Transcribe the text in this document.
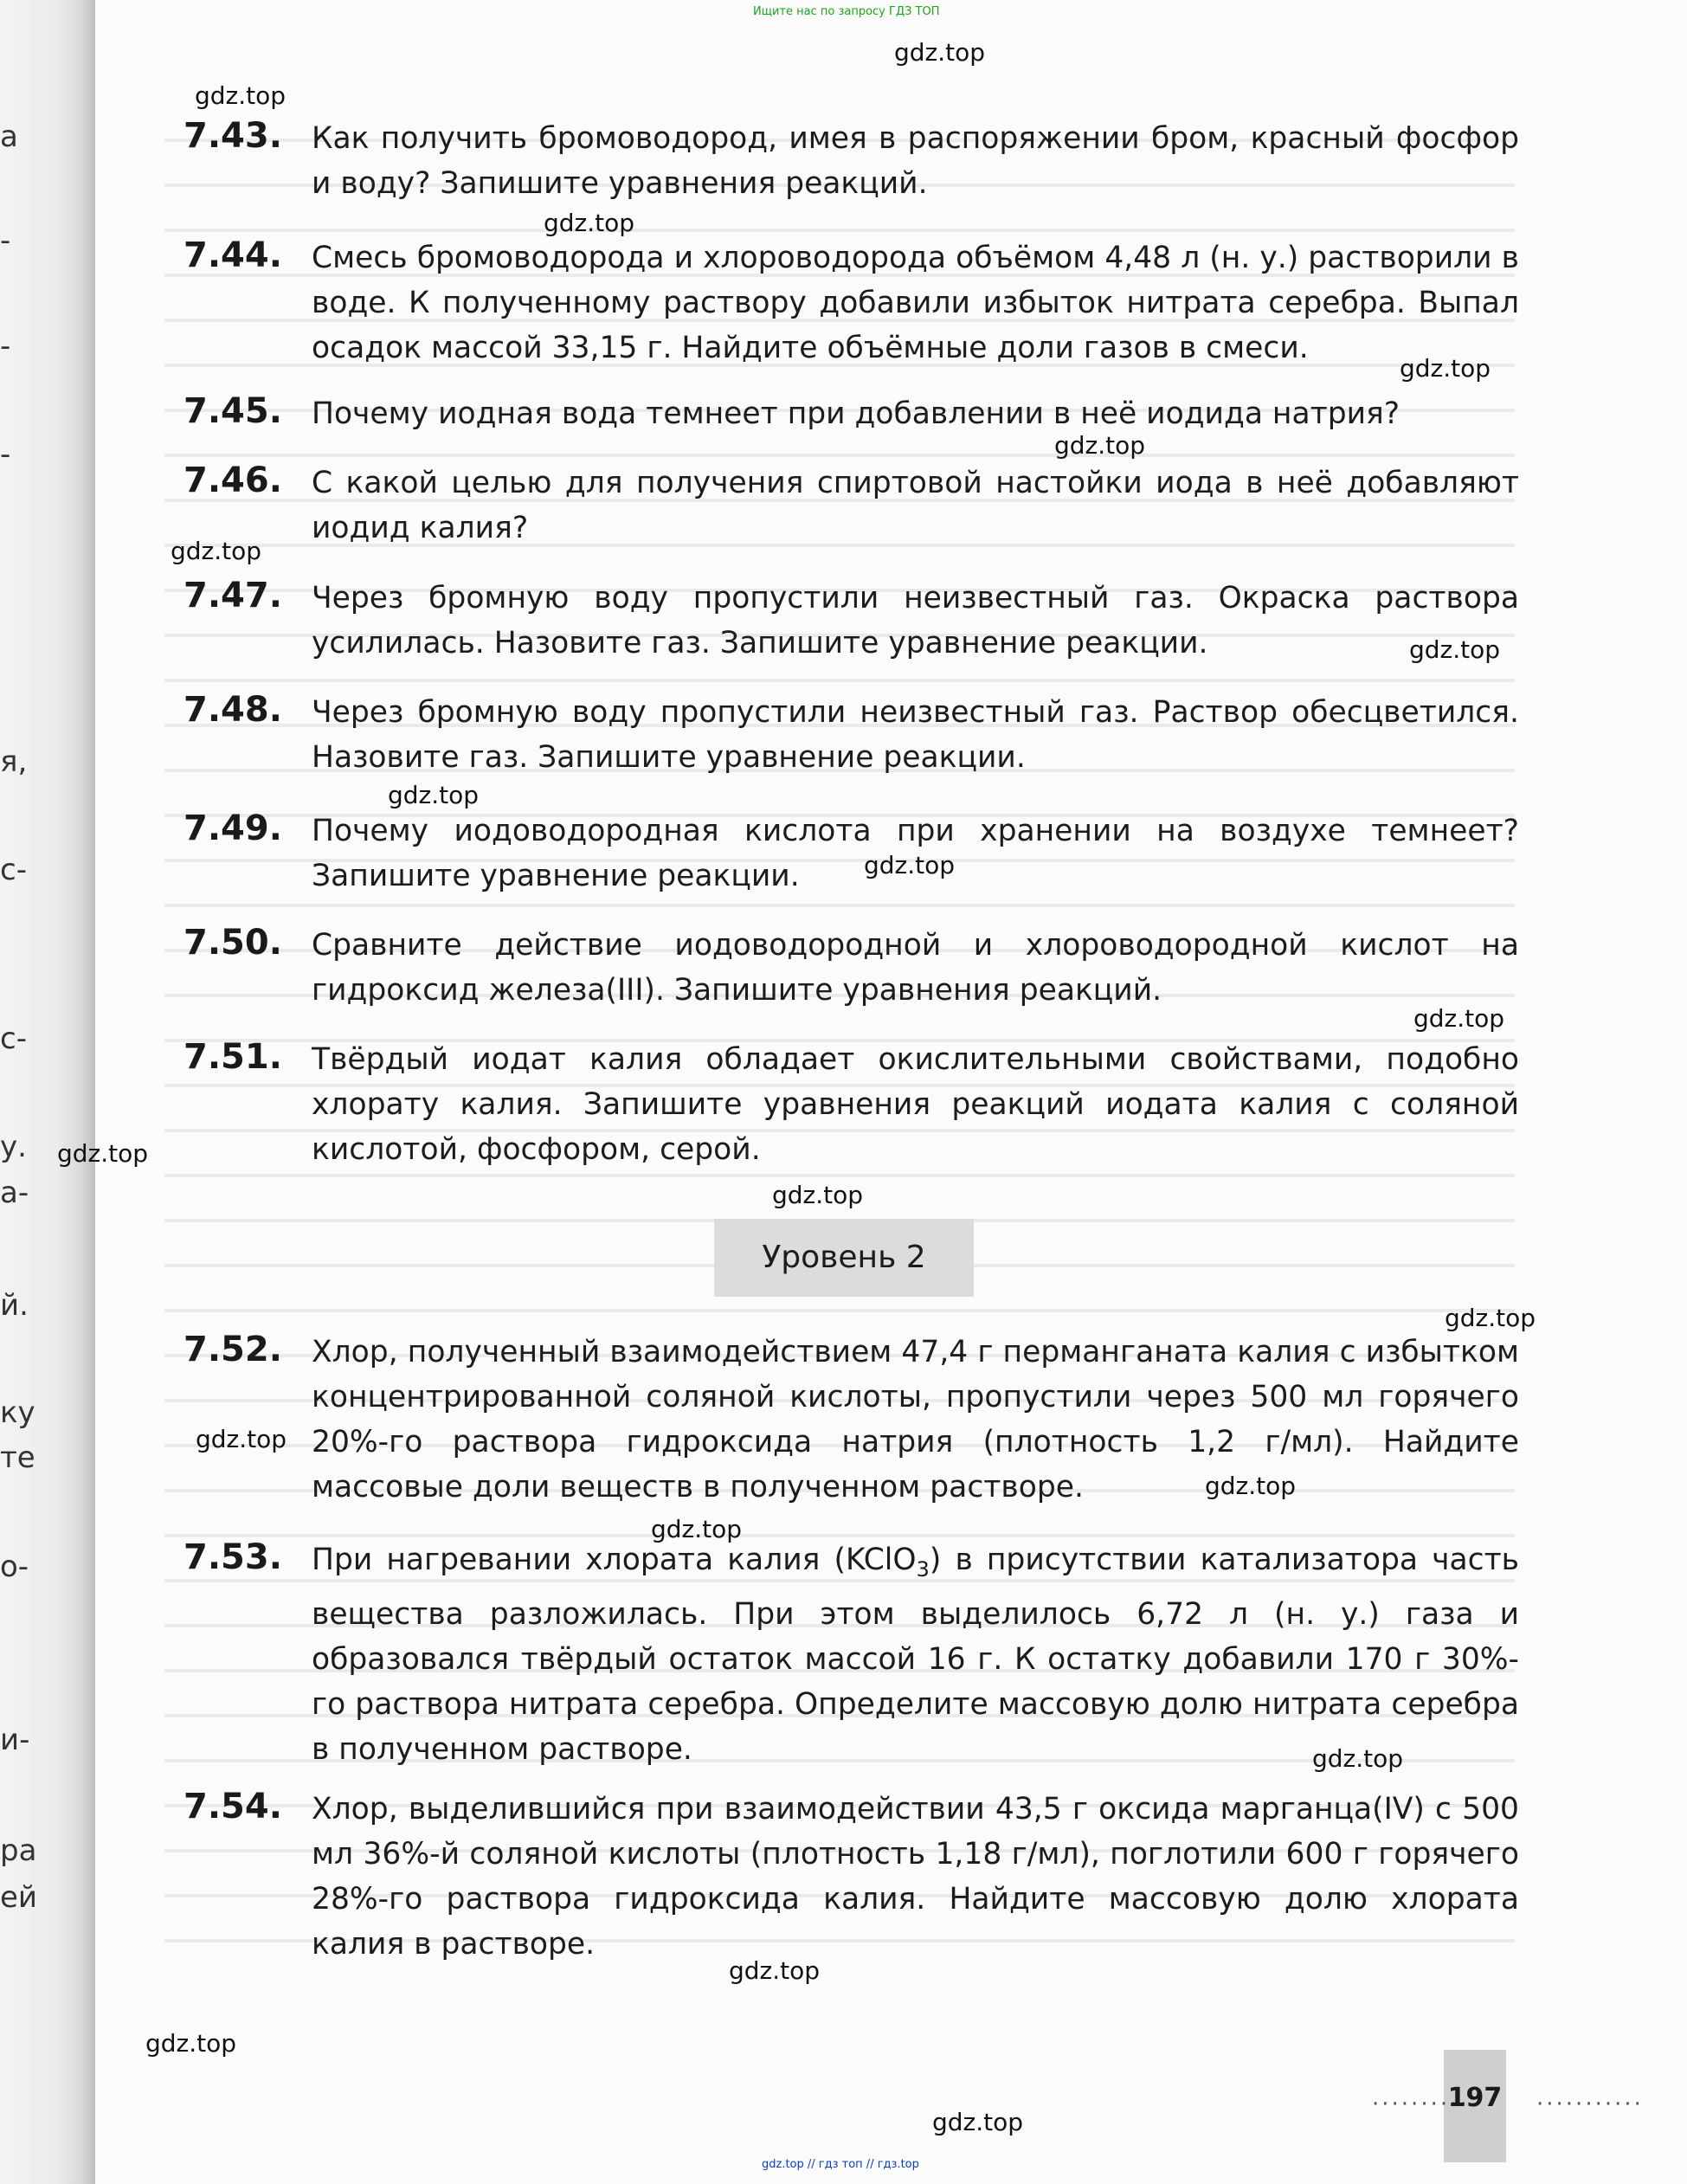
а
-
-
-
я,
с-
с-
у.
а-
й.
ку
те
о-
и-
ра
ей
Ищите нас по запросу ГДЗ ТОП
gdz.top
gdz.top
gdz.top
gdz.top
gdz.top
gdz.top
gdz.top
gdz.top
gdz.top
gdz.top
gdz.top
gdz.top
gdz.top
gdz.top
gdz.top
gdz.top
gdz.top
gdz.top
gdz.top
gdz.top
7.43. Как получить бромоводород, имея в распоряжении бром, красный фосфор и воду? Запишите уравнения реакций.
7.44. Смесь бромоводорода и хлороводорода объёмом 4,48 л (н. у.) растворили в воде. К полученному раствору добавили избыток нитрата серебра. Выпал осадок массой 33,15 г. Найдите объёмные доли газов в смеси.
7.45. Почему иодная вода темнеет при добавлении в неё иодида натрия?
7.46. С какой целью для получения спиртовой настойки иода в неё добавляют иодид калия?
7.47. Через бромную воду пропустили неизвестный газ. Окраска раствора усилилась. Назовите газ. Запишите уравнение реакции.
7.48. Через бромную воду пропустили неизвестный газ. Раствор обесцветился. Назовите газ. Запишите уравнение реакции.
7.49. Почему иодоводородная кислота при хранении на воздухе темнеет? Запишите уравнение реакции.
7.50. Сравните действие иодоводородной и хлороводородной кислот на гидроксид железа(III). Запишите уравнения реакций.
7.51. Твёрдый иодат калия обладает окислительными свойствами, подобно хлорату калия. Запишите уравнения реакций иодата калия с соляной кислотой, фосфором, серой.
Уровень 2
7.52. Хлор, полученный взаимодействием 47,4 г перманганата калия с избытком концентрированной соляной кислоты, пропустили через 500 мл горячего 20%-го раствора гидроксида натрия (плотность 1,2 г/мл). Найдите массовые доли веществ в полученном растворе.
7.53. При нагревании хлората калия (KClO$_3$) в присутствии катализатора часть вещества разложилась. При этом выделилось 6,72 л (н. у.) газа и образовался твёрдый остаток массой 16 г. К остатку добавили 170 г 30%-го раствора нитрата серебра. Определите массовую долю нитрата серебра в полученном растворе.
7.54. Хлор, выделившийся при взаимодействии 43,5 г оксида марганца(IV) с 500 мл 36%-й соляной кислоты (плотность 1,18 г/мл), поглотили 600 г горячего 28%-го раствора гидроксида калия. Найдите массовую долю хлората калия в растворе.
··········
197 ···········
gdz.top // гдз топ // гдз.top
